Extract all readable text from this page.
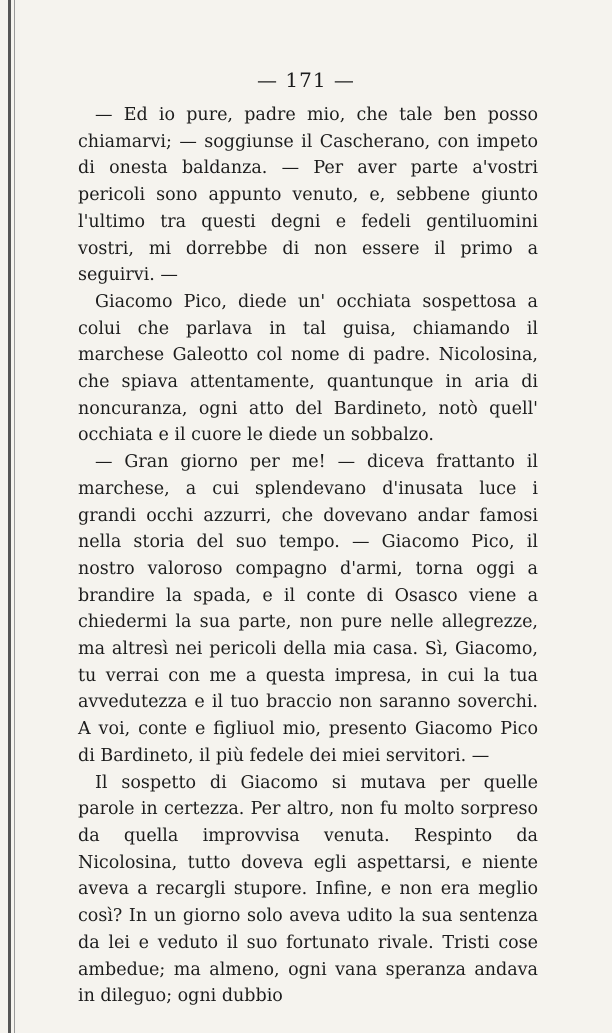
— 171 —

— Ed io pure, padre mio, che tale ben posso chiamarvi; — soggiunse il Cascherano, con impeto di onesta baldanza. — Per aver parte a'vostri pericoli sono appunto venuto, e, sebbene giunto l'ultimo tra questi degni e fedeli gentiluomini vostri, mi dorrebbe di non essere il primo a seguirvi. —

Giacomo Pico, diede un' occhiata sospettosa a colui che parlava in tal guisa, chiamando il marchese Galeotto col nome di padre. Nicolosina, che spiava attentamente, quantunque in aria di noncuranza, ogni atto del Bardineto, notò quell' occhiata e il cuore le diede un sobbalzo.

— Gran giorno per me! — diceva frattanto il marchese, a cui splendevano d'inusata luce i grandi occhi azzurri, che dovevano andar famosi nella storia del suo tempo. — Giacomo Pico, il nostro valoroso compagno d'armi, torna oggi a brandire la spada, e il conte di Osasco viene a chiedermi la sua parte, non pure nelle allegrezze, ma altresì nei pericoli della mia casa. Sì, Giacomo, tu verrai con me a questa impresa, in cui la tua avvedutezza e il tuo braccio non saranno soverchi. A voi, conte e figliuol mio, presento Giacomo Pico di Bardineto, il più fedele dei miei servitori. —

Il sospetto di Giacomo si mutava per quelle parole in certezza. Per altro, non fu molto sorpreso da quella improvvisa venuta. Respinto da Nicolosina, tutto doveva egli aspettarsi, e niente aveva a recargli stupore. Infine, e non era meglio così? In un giorno solo aveva udito la sua sentenza da lei e veduto il suo fortunato rivale. Tristi cose ambedue; ma almeno, ogni vana speranza andava in dileguo; ogni dubbio
